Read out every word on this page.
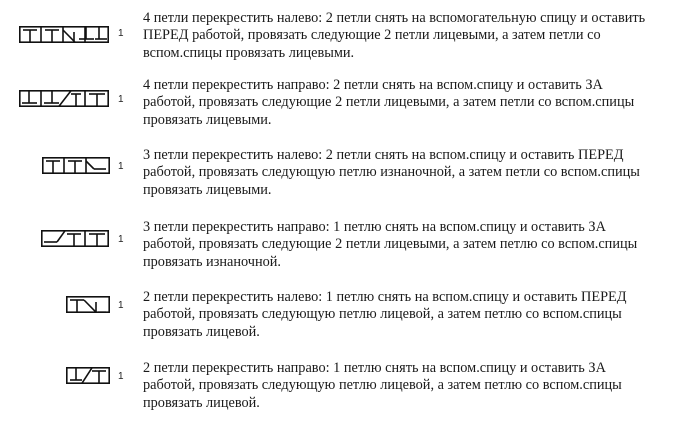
1

4 петли перекрестить налево: 2 петли снять на вспомогательную спицу и оставить
ПЕРЕД работой, провязать следующие 2 петли лицевыми, а затем петли со
вспом.спицы провязать лицевыми.

1

4 петли перекрестить направо: 2 петли снять на вспом.спицу и оставить ЗА
работой, провязать следующие 2 петли лицевыми, а затем петли со вспом.спицы
провязать лицевыми.

1

3 петли перекрестить налево: 2 петли снять на вспом.спицу и оставить ПЕРЕД
работой, провязать следующую петлю изнаночной, а затем петли со вспом.спицы
провязать лицевыми.

1

3 петли перекрестить направо: 1 петлю снять на вспом.спицу и оставить ЗА
работой, провязать следующие 2 петли лицевыми, а затем петлю со вспом.спицы
провязать изнаночной.

1

2 петли перекрестить налево: 1 петлю снять на вспом.спицу и оставить ПЕРЕД
работой, провязать следующую петлю лицевой, а затем петлю со вспом.спицы
провязать лицевой.

1

2 петли перекрестить направо: 1 петлю снять на вспом.спицу и оставить ЗА
работой, провязать следующую петлю лицевой, а затем петлю со вспом.спицы
провязать лицевой.
